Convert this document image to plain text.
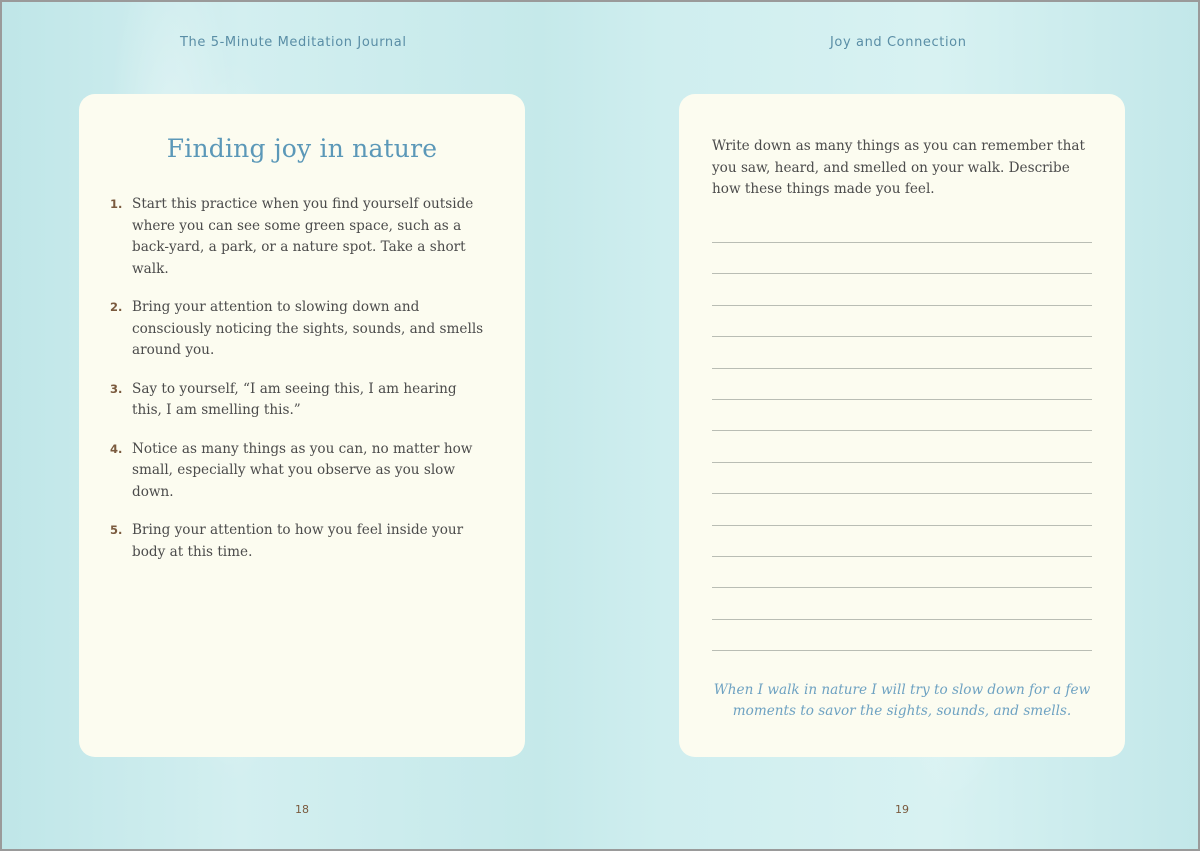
The 5-Minute Meditation Journal	Joy and Connection
Finding joy in nature
1. Start this practice when you find yourself outside where you can see some green space, such as a back-yard, a park, or a nature spot. Take a short walk.
2. Bring your attention to slowing down and consciously noticing the sights, sounds, and smells around you.
3. Say to yourself, “I am seeing this, I am hearing this, I am smelling this.”
4. Notice as many things as you can, no matter how small, especially what you observe as you slow down.
5. Bring your attention to how you feel inside your body at this time.

Write down as many things as you can remember that you saw, heard, and smelled on your walk. Describe how these things made you feel.

When I walk in nature I will try to slow down for a few moments to savor the sights, sounds, and smells.

18	19
